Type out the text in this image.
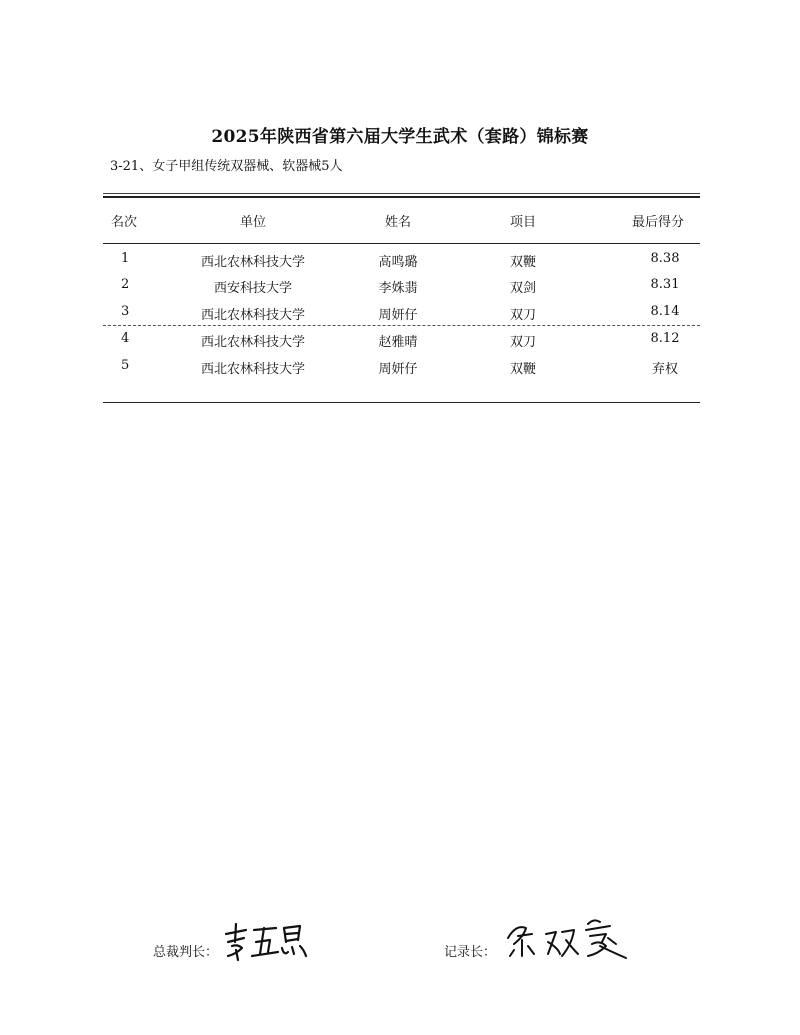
2025年陕西省第六届大学生武术（套路）锦标赛
3-21、女子甲组传统双器械、软器械5人
名次	单位	姓名	项目	最后得分
1	西北农林科技大学	高鸣璐	双鞭	8.38
2	西安科技大学	李姝翡	双剑	8.31
3	西北农林科技大学	周妍仔	双刀	8.14
4	西北农林科技大学	赵雅晴	双刀	8.12
5	西北农林科技大学	周妍仔	双鞭	弃权
总裁判长：	记录长：
